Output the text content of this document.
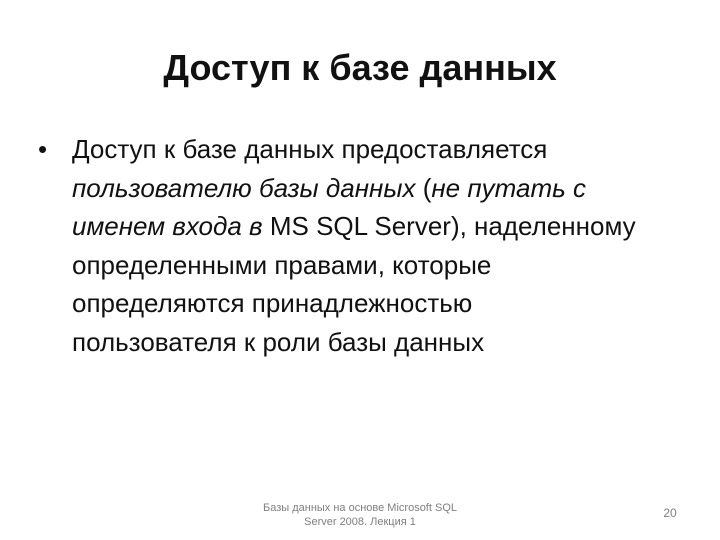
Доступ к базе данных
• Доступ к базе данных предоставляется пользователю базы данных (не путать с именем входа в MS SQL Server), наделенному определенными правами, которые определяются принадлежностью пользователя к роли базы данных
Базы данных на основе Microsoft SQL
Server 2008. Лекция 1
20
